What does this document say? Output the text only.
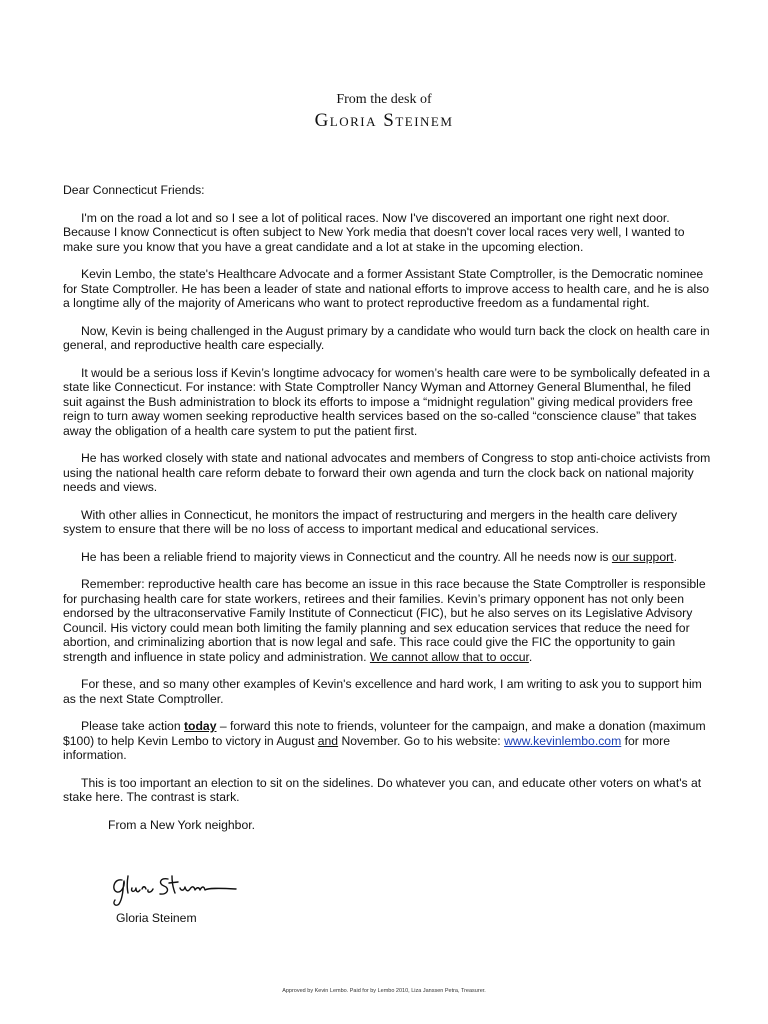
From the desk of
Gloria Steinem

Dear Connecticut Friends:

I'm on the road a lot and so I see a lot of political races. Now I've discovered an important one right next door. Because I know Connecticut is often subject to New York media that doesn't cover local races very well, I wanted to make sure you know that you have a great candidate and a lot at stake in the upcoming election.

Kevin Lembo, the state's Healthcare Advocate and a former Assistant State Comptroller, is the Democratic nominee for State Comptroller. He has been a leader of state and national efforts to improve access to health care, and he is also a longtime ally of the majority of Americans who want to protect reproductive freedom as a fundamental right.

Now, Kevin is being challenged in the August primary by a candidate who would turn back the clock on health care in general, and reproductive health care especially.

It would be a serious loss if Kevin’s longtime advocacy for women’s health care were to be symbolically defeated in a state like Connecticut. For instance: with State Comptroller Nancy Wyman and Attorney General Blumenthal, he filed suit against the Bush administration to block its efforts to impose a “midnight regulation” giving medical providers free reign to turn away women seeking reproductive health services based on the so-called “conscience clause” that takes away the obligation of a health care system to put the patient first.

He has worked closely with state and national advocates and members of Congress to stop anti-choice activists from using the national health care reform debate to forward their own agenda and turn the clock back on national majority needs and views.

With other allies in Connecticut, he monitors the impact of restructuring and mergers in the health care delivery system to ensure that there will be no loss of access to important medical and educational services.

He has been a reliable friend to majority views in Connecticut and the country. All he needs now is our support.

Remember: reproductive health care has become an issue in this race because the State Comptroller is responsible for purchasing health care for state workers, retirees and their families. Kevin’s primary opponent has not only been endorsed by the ultraconservative Family Institute of Connecticut (FIC), but he also serves on its Legislative Advisory Council. His victory could mean both limiting the family planning and sex education services that reduce the need for abortion, and criminalizing abortion that is now legal and safe. This race could give the FIC the opportunity to gain strength and influence in state policy and administration. We cannot allow that to occur.

For these, and so many other examples of Kevin's excellence and hard work, I am writing to ask you to support him as the next State Comptroller.

Please take action today – forward this note to friends, volunteer for the campaign, and make a donation (maximum $100) to help Kevin Lembo to victory in August and November. Go to his website: www.kevinlembo.com for more information.

This is too important an election to sit on the sidelines. Do whatever you can, and educate other voters on what's at stake here. The contrast is stark.

From a New York neighbor.
Gloria Steinem
Approved by Kevin Lembo. Paid for by Lembo 2010, Liza Janssen Petra, Treasurer.
